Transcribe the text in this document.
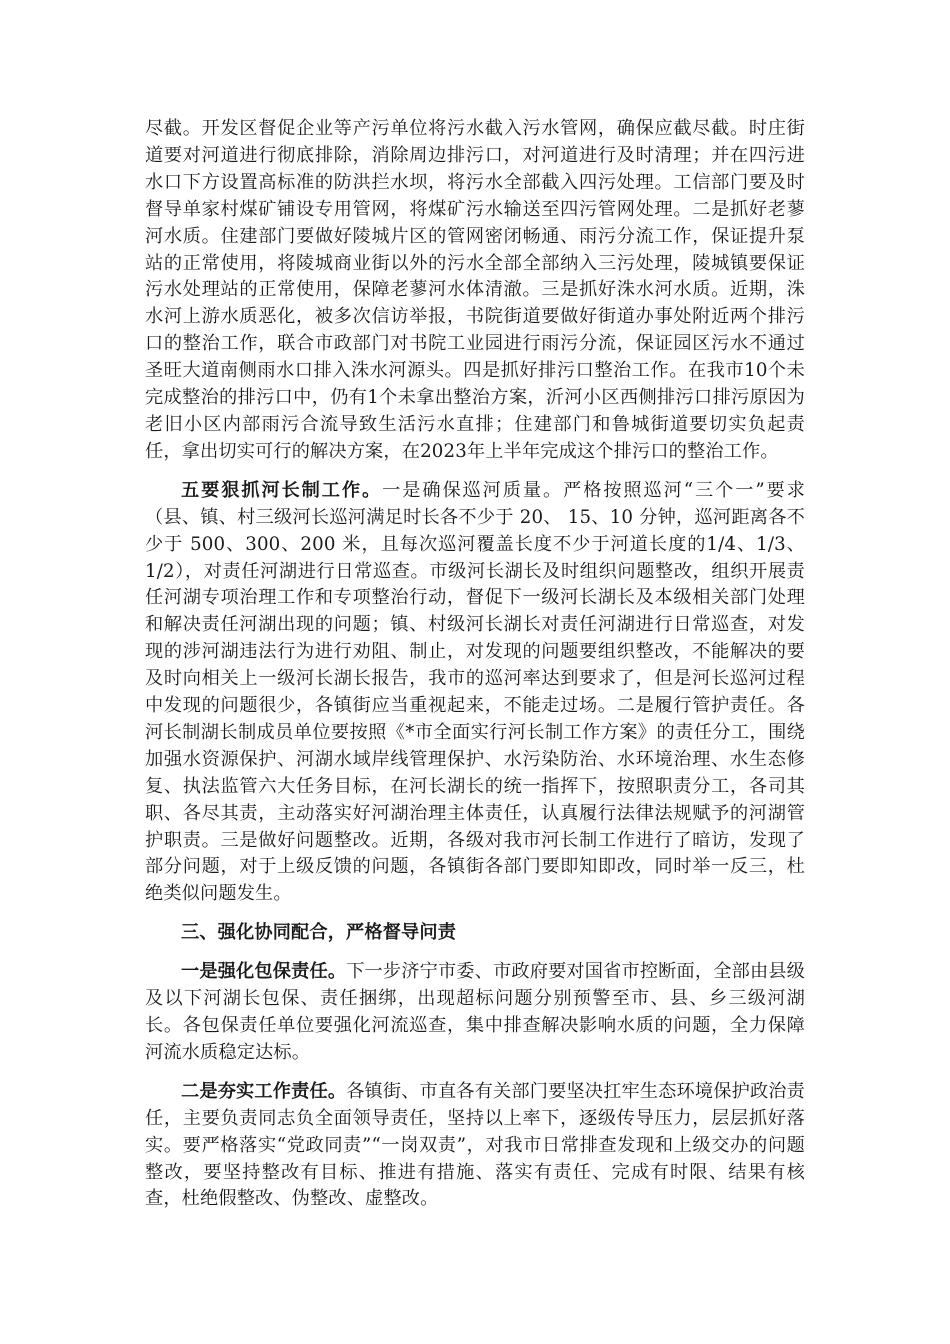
尽截。开发区督促企业等产污单位将污水截入污水管网，确保应截尽截。时庄街道要对河道进行彻底排除，消除周边排污口，对河道进行及时清理；并在四污进水口下方设置高标准的防洪拦水坝，将污水全部截入四污处理。工信部门要及时督导单家村煤矿铺设专用管网，将煤矿污水输送至四污管网处理。二是抓好老蓼河水质。住建部门要做好陵城片区的管网密闭畅通、雨污分流工作，保证提升泵站的正常使用，将陵城商业街以外的污水全部全部纳入三污处理，陵城镇要保证污水处理站的正常使用，保障老蓼河水体清澈。三是抓好洙水河水质。近期，洙水河上游水质恶化，被多次信访举报，书院街道要做好街道办事处附近两个排污口的整治工作，联合市政部门对书院工业园进行雨污分流，保证园区污水不通过圣旺大道南侧雨水口排入洙水河源头。四是抓好排污口整治工作。在我市10个未完成整治的排污口中，仍有1个未拿出整治方案，沂河小区西侧排污口排污原因为老旧小区内部雨污合流导致生活污水直排；住建部门和鲁城街道要切实负起责任，拿出切实可行的解决方案，在2023年上半年完成这个排污口的整治工作。

五要狠抓河长制工作。一是确保巡河质量。严格按照巡河“三个一”要求（县、镇、村三级河长巡河满足时长各不少于 20、 15、10 分钟，巡河距离各不少于 500、300、200 米，且每次巡河覆盖长度不少于河道长度的1/4、1/3、1/2），对责任河湖进行日常巡查。市级河长湖长及时组织问题整改，组织开展责任河湖专项治理工作和专项整治行动，督促下一级河长湖长及本级相关部门处理和解决责任河湖出现的问题；镇、村级河长湖长对责任河湖进行日常巡查，对发现的涉河湖违法行为进行劝阻、制止，对发现的问题要组织整改，不能解决的要及时向相关上一级河长湖长报告，我市的巡河率达到要求了，但是河长巡河过程中发现的问题很少，各镇街应当重视起来，不能走过场。二是履行管护责任。各河长制湖长制成员单位要按照《*市全面实行河长制工作方案》的责任分工，围绕加强水资源保护、河湖水域岸线管理保护、水污染防治、水环境治理、水生态修复、执法监管六大任务目标，在河长湖长的统一指挥下，按照职责分工，各司其职、各尽其责，主动落实好河湖治理主体责任，认真履行法律法规赋予的河湖管护职责。三是做好问题整改。近期，各级对我市河长制工作进行了暗访，发现了部分问题，对于上级反馈的问题，各镇街各部门要即知即改，同时举一反三，杜绝类似问题发生。

三、强化协同配合，严格督导问责

一是强化包保责任。下一步济宁市委、市政府要对国省市控断面，全部由县级及以下河湖长包保、责任捆绑，出现超标问题分别预警至市、县、乡三级河湖长。各包保责任单位要强化河流巡查，集中排查解决影响水质的问题，全力保障河流水质稳定达标。

二是夯实工作责任。各镇街、市直各有关部门要坚决扛牢生态环境保护政治责任，主要负责同志负全面领导责任，坚持以上率下，逐级传导压力，层层抓好落实。要严格落实“党政同责”“一岗双责”，对我市日常排查发现和上级交办的问题整改，要坚持整改有目标、推进有措施、落实有责任、完成有时限、结果有核查，杜绝假整改、伪整改、虚整改。
